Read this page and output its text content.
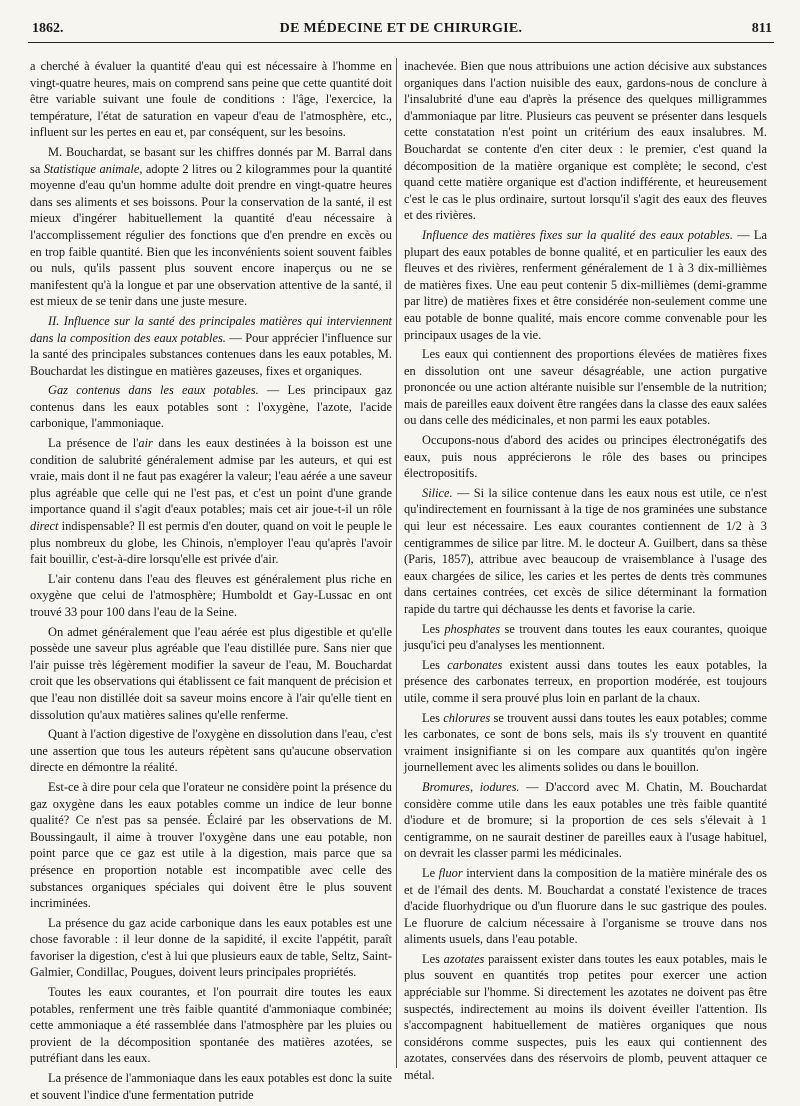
1862.	DE MÉDECINE ET DE CHIRURGIE.	811

a cherché à évaluer la quantité d'eau qui est nécessaire à l'homme en vingt-quatre heures, mais on comprend sans peine que cette quantité doit être variable suivant une foule de conditions : l'âge, l'exercice, la température, l'état de saturation en vapeur d'eau de l'atmosphère, etc., influent sur les pertes en eau et, par conséquent, sur les besoins.

M. Bouchardat, se basant sur les chiffres donnés par M. Barral dans sa Statistique animale, adopte 2 litres ou 2 kilogrammes pour la quantité moyenne d'eau qu'un homme adulte doit prendre en vingt-quatre heures dans ses aliments et ses boissons. Pour la conservation de la santé, il est mieux d'ingérer habituellement la quantité d'eau nécessaire à l'accomplissement régulier des fonctions que d'en prendre en excès ou en trop faible quantité. Bien que les inconvénients soient souvent faibles ou nuls, qu'ils passent plus souvent encore inaperçus ou ne se manifestent qu'à la longue et par une observation attentive de la santé, il est mieux de se tenir dans une juste mesure.

II. Influence sur la santé des principales matières qui interviennent dans la composition des eaux potables. — Pour apprécier l'influence sur la santé des principales substances contenues dans les eaux potables, M. Bouchardat les distingue en matières gazeuses, fixes et organiques.

Gaz contenus dans les eaux potables. — Les principaux gaz contenus dans les eaux potables sont : l'oxygène, l'azote, l'acide carbonique, l'ammoniaque.

La présence de l'air dans les eaux destinées à la boisson est une condition de salubrité généralement admise par les auteurs, et qui est vraie, mais dont il ne faut pas exagérer la valeur; l'eau aérée a une saveur plus agréable que celle qui ne l'est pas, et c'est un point d'une grande importance quand il s'agit d'eaux potables; mais cet air joue-t-il un rôle direct indispensable? Il est permis d'en douter, quand on voit le peuple le plus nombreux du globe, les Chinois, n'employer l'eau qu'après l'avoir fait bouillir, c'est-à-dire lorsqu'elle est privée d'air.

L'air contenu dans l'eau des fleuves est généralement plus riche en oxygène que celui de l'atmosphère; Humboldt et Gay-Lussac en ont trouvé 33 pour 100 dans l'eau de la Seine.

On admet généralement que l'eau aérée est plus digestible et qu'elle possède une saveur plus agréable que l'eau distillée pure. Sans nier que l'air puisse très légèrement modifier la saveur de l'eau, M. Bouchardat croit que les observations qui établissent ce fait manquent de précision et que l'eau non distillée doit sa saveur moins encore à l'air qu'elle tient en dissolution qu'aux matières salines qu'elle renferme.

Quant à l'action digestive de l'oxygène en dissolution dans l'eau, c'est une assertion que tous les auteurs répètent sans qu'aucune observation directe en démontre la réalité.

Est-ce à dire pour cela que l'orateur ne considère point la présence du gaz oxygène dans les eaux potables comme un indice de leur bonne qualité? Ce n'est pas sa pensée. Éclairé par les observations de M. Boussingault, il aime à trouver l'oxygène dans une eau potable, non point parce que ce gaz est utile à la digestion, mais parce que sa présence en proportion notable est incompatible avec celle des substances organiques spéciales qui doivent être le plus souvent incriminées.

La présence du gaz acide carbonique dans les eaux potables est une chose favorable : il leur donne de la sapidité, il excite l'appétit, paraît favoriser la digestion, c'est à lui que plusieurs eaux de table, Seltz, Saint-Galmier, Condillac, Pougues, doivent leurs principales propriétés.

Toutes les eaux courantes, et l'on pourrait dire toutes les eaux potables, renferment une très faible quantité d'ammoniaque combinée; cette ammoniaque a été rassemblée dans l'atmosphère par les pluies ou provient de la décomposition spontanée des matières azotées, se putréfiant dans les eaux.

La présence de l'ammoniaque dans les eaux potables est donc la suite et souvent l'indice d'une fermentation putride

inachevée. Bien que nous attribuions une action décisive aux substances organiques dans l'action nuisible des eaux, gardons-nous de conclure à l'insalubrité d'une eau d'après la présence des quelques milligrammes d'ammoniaque par litre. Plusieurs cas peuvent se présenter dans lesquels cette constatation n'est point un critérium des eaux insalubres. M. Bouchardat se contente d'en citer deux : le premier, c'est quand la décomposition de la matière organique est complète; le second, c'est quand cette matière organique est d'action indifférente, et heureusement c'est le cas le plus ordinaire, surtout lorsqu'il s'agit des eaux des fleuves et des rivières.

Influence des matières fixes sur la qualité des eaux potables. — La plupart des eaux potables de bonne qualité, et en particulier les eaux des fleuves et des rivières, renferment généralement de 1 à 3 dix-millièmes de matières fixes. Une eau peut contenir 5 dix-millièmes (demi-gramme par litre) de matières fixes et être considérée non-seulement comme une eau potable de bonne qualité, mais encore comme convenable pour les principaux usages de la vie.

Les eaux qui contiennent des proportions élevées de matières fixes en dissolution ont une saveur désagréable, une action purgative prononcée ou une action altérante nuisible sur l'ensemble de la nutrition; mais de pareilles eaux doivent être rangées dans la classe des eaux salées ou dans celle des médicinales, et non parmi les eaux potables.

Occupons-nous d'abord des acides ou principes électronégatifs des eaux, puis nous apprécierons le rôle des bases ou principes électropositifs.

Silice. — Si la silice contenue dans les eaux nous est utile, ce n'est qu'indirectement en fournissant à la tige de nos graminées une substance qui leur est nécessaire. Les eaux courantes contiennent de 1/2 à 3 centigrammes de silice par litre. M. le docteur A. Guilbert, dans sa thèse (Paris, 1857), attribue avec beaucoup de vraisemblance à l'usage des eaux chargées de silice, les caries et les pertes de dents très communes dans certaines contrées, cet excès de silice déterminant la formation rapide du tartre qui déchausse les dents et favorise la carie.

Les phosphates se trouvent dans toutes les eaux courantes, quoique jusqu'ici peu d'analyses les mentionnent.

Les carbonates existent aussi dans toutes les eaux potables, la présence des carbonates terreux, en proportion modérée, est toujours utile, comme il sera prouvé plus loin en parlant de la chaux.

Les chlorures se trouvent aussi dans toutes les eaux potables; comme les carbonates, ce sont de bons sels, mais ils s'y trouvent en quantité vraiment insignifiante si on les compare aux quantités qu'on ingère journellement avec les aliments solides ou dans le bouillon.

Bromures, iodures. — D'accord avec M. Chatin, M. Bouchardat considère comme utile dans les eaux potables une très faible quantité d'iodure et de bromure; si la proportion de ces sels s'élevait à 1 centigramme, on ne saurait destiner de pareilles eaux à l'usage habituel, on devrait les classer parmi les médicinales.

Le fluor intervient dans la composition de la matière minérale des os et de l'émail des dents. M. Bouchardat a constaté l'existence de traces d'acide fluorhydrique ou d'un fluorure dans le suc gastrique des poules. Le fluorure de calcium nécessaire à l'organisme se trouve dans nos aliments usuels, dans l'eau potable.

Les azotates paraissent exister dans toutes les eaux potables, mais le plus souvent en quantités trop petites pour exercer une action appréciable sur l'homme. Si directement les azotates ne doivent pas être suspectés, indirectement au moins ils doivent éveiller l'attention. Ils s'accompagnent habituellement de matières organiques que nous considérons comme suspectes, puis les eaux qui contiennent des azotates, conservées dans des réservoirs de plomb, peuvent attaquer ce métal.
